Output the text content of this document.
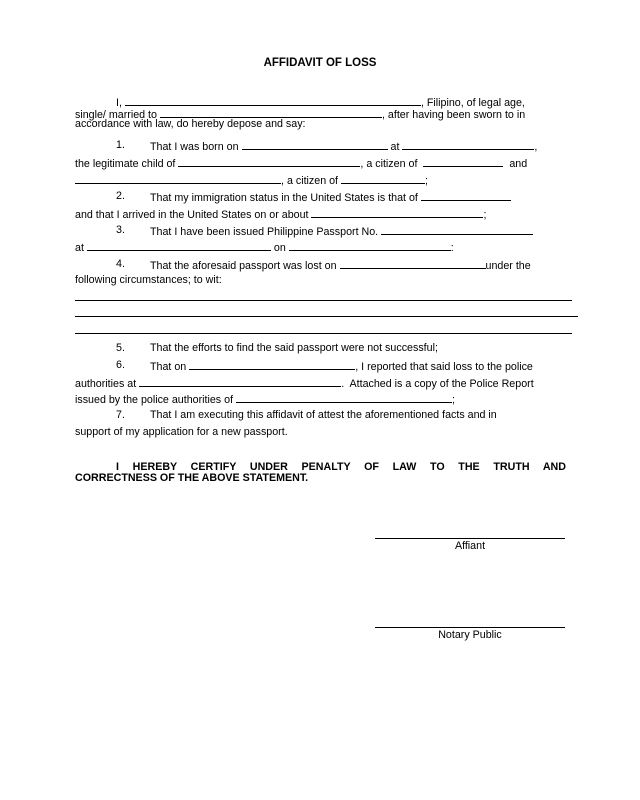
AFFIDAVIT OF LOSS
I,	, Filipino, of legal age,
single/ married to	, after having been sworn to in
accordance with law, do hereby depose and say:
1. That I was born on	at	,
the legitimate child of	, a citizen of	and
, a citizen of	;
2. That my immigration status in the United States is that of
and that I arrived in the United States on or about	;
3. That I have been issued Philippine Passport No.
at	on	:
4. That the aforesaid passport was lost on	under the
following circumstances; to wit:
5. That the efforts to find the said passport were not successful;
6. That on	, I reported that said loss to the police
authorities at	.  Attached is a copy of the Police Report
issued by the police authorities of	;
7. That I am executing this affidavit of attest the aforementioned facts and in
support of my application for a new passport.
I HEREBY CERTIFY UNDER PENALTY OF LAW TO THE TRUTH AND
CORRECTNESS OF THE ABOVE STATEMENT.
Affiant
Notary Public
